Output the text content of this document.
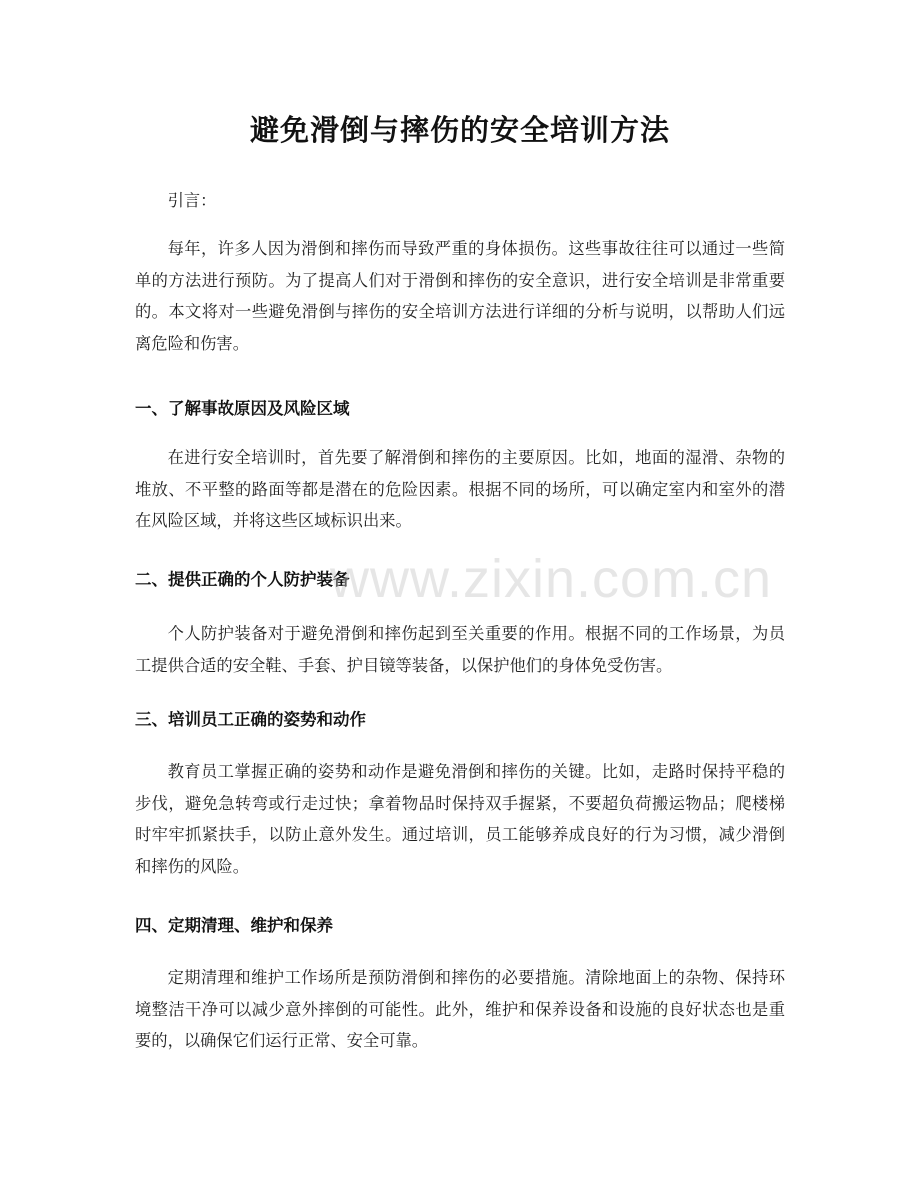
避免滑倒与摔伤的安全培训方法
引言：
每年，许多人因为滑倒和摔伤而导致严重的身体损伤。这些事故往往可以通过一些简单的方法进行预防。为了提高人们对于滑倒和摔伤的安全意识，进行安全培训是非常重要的。本文将对一些避免滑倒与摔伤的安全培训方法进行详细的分析与说明，以帮助人们远离危险和伤害。
一、了解事故原因及风险区域
在进行安全培训时，首先要了解滑倒和摔伤的主要原因。比如，地面的湿滑、杂物的堆放、不平整的路面等都是潜在的危险因素。根据不同的场所，可以确定室内和室外的潜在风险区域，并将这些区域标识出来。
二、提供正确的个人防护装备
个人防护装备对于避免滑倒和摔伤起到至关重要的作用。根据不同的工作场景，为员工提供合适的安全鞋、手套、护目镜等装备，以保护他们的身体免受伤害。
三、培训员工正确的姿势和动作
教育员工掌握正确的姿势和动作是避免滑倒和摔伤的关键。比如，走路时保持平稳的步伐，避免急转弯或行走过快；拿着物品时保持双手握紧，不要超负荷搬运物品；爬楼梯时牢牢抓紧扶手，以防止意外发生。通过培训，员工能够养成良好的行为习惯，减少滑倒和摔伤的风险。
四、定期清理、维护和保养
定期清理和维护工作场所是预防滑倒和摔伤的必要措施。清除地面上的杂物、保持环境整洁干净可以减少意外摔倒的可能性。此外，维护和保养设备和设施的良好状态也是重要的，以确保它们运行正常、安全可靠。
www.zixin.com.cn
